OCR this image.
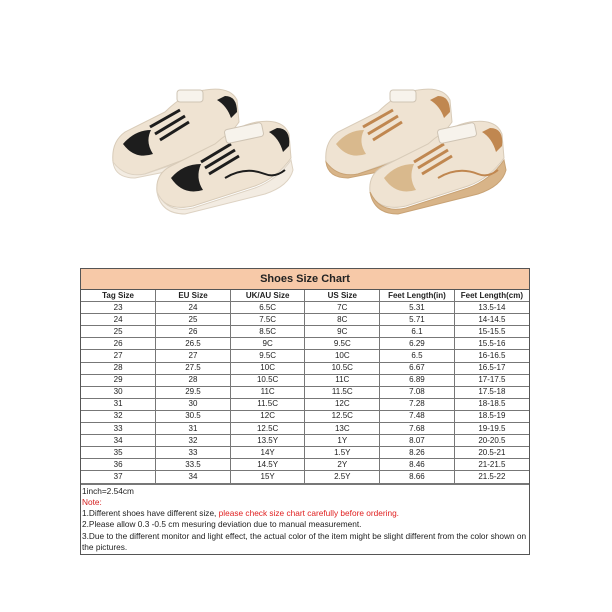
Shoes Size Chart
Tag Size	EU Size	UK/AU Size	US Size	Feet Length(in)	Feet Length(cm)
23	24	6.5C	7C	5.31	13.5-14
24	25	7.5C	8C	5.71	14-14.5
25	26	8.5C	9C	6.1	15-15.5
26	26.5	9C	9.5C	6.29	15.5-16
27	27	9.5C	10C	6.5	16-16.5
28	27.5	10C	10.5C	6.67	16.5-17
29	28	10.5C	11C	6.89	17-17.5
30	29.5	11C	11.5C	7.08	17.5-18
31	30	11.5C	12C	7.28	18-18.5
32	30.5	12C	12.5C	7.48	18.5-19
33	31	12.5C	13C	7.68	19-19.5
34	32	13.5Y	1Y	8.07	20-20.5
35	33	14Y	1.5Y	8.26	20.5-21
36	33.5	14.5Y	2Y	8.46	21-21.5
37	34	15Y	2.5Y	8.66	21.5-22
1inch=2.54cm
Note:
1.Different shoes have different size, please check size chart carefully before ordering.
2.Please allow 0.3 -0.5 cm mesuring deviation due to manual measurement.
3.Due to the different monitor and light effect, the actual color of the item might be slight different from the color shown on the pictures.
